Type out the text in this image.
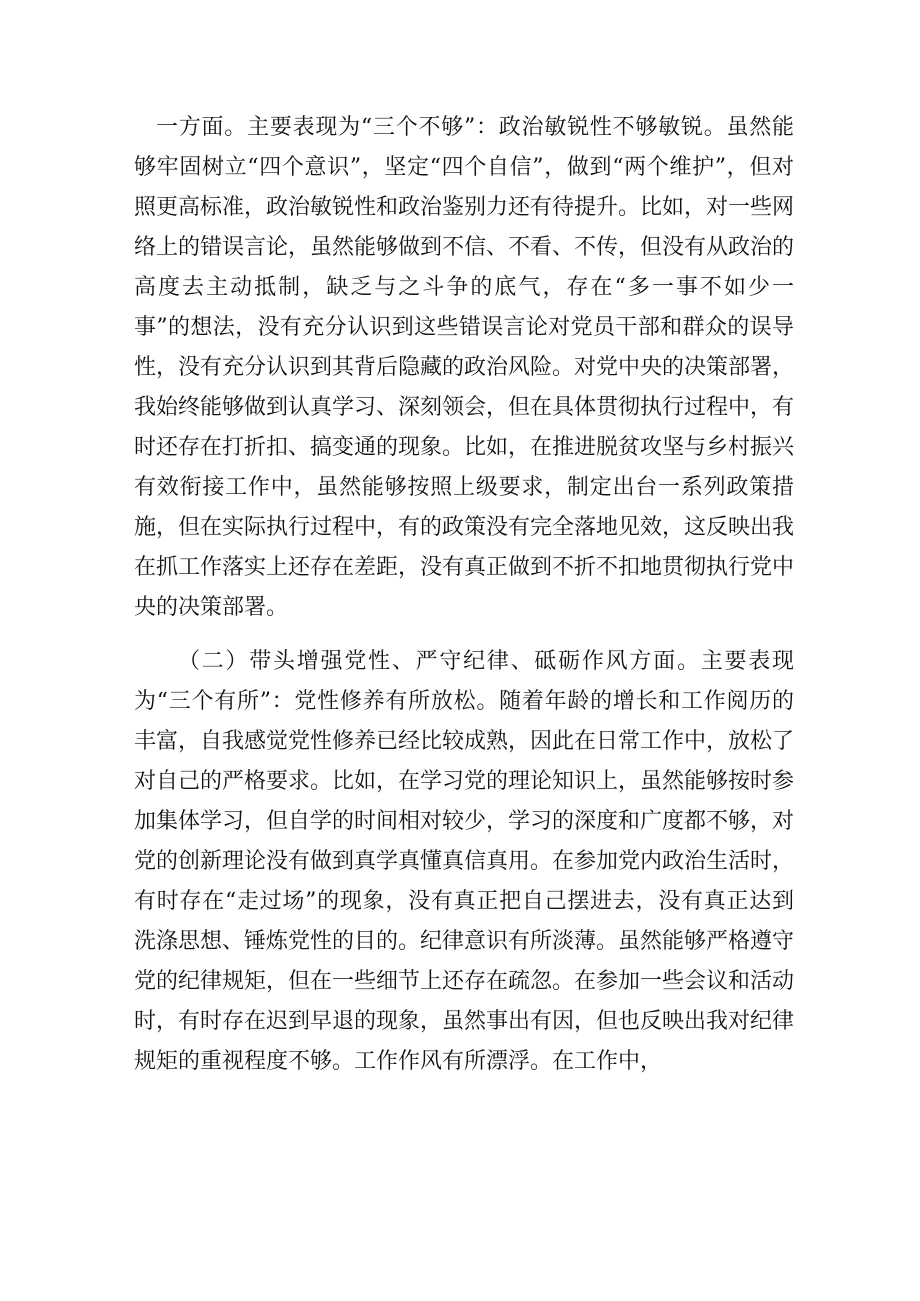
一方面。主要表现为“三个不够”：政治敏锐性不够敏锐。虽然能够牢固树立“四个意识”，坚定“四个自信”，做到“两个维护”，但对照更高标准，政治敏锐性和政治鉴别力还有待提升。比如，对一些网络上的错误言论，虽然能够做到不信、不看、不传，但没有从政治的高度去主动抵制，缺乏与之斗争的底气，存在“多一事不如少一事”的想法，没有充分认识到这些错误言论对党员干部和群众的误导性，没有充分认识到其背后隐藏的政治风险。对党中央的决策部署，我始终能够做到认真学习、深刻领会，但在具体贯彻执行过程中，有时还存在打折扣、搞变通的现象。比如，在推进脱贫攻坚与乡村振兴有效衔接工作中，虽然能够按照上级要求，制定出台一系列政策措施，但在实际执行过程中，有的政策没有完全落地见效，这反映出我在抓工作落实上还存在差距，没有真正做到不折不扣地贯彻执行党中央的决策部署。

（二）带头增强党性、严守纪律、砥砺作风方面。主要表现为“三个有所”：党性修养有所放松。随着年龄的增长和工作阅历的丰富，自我感觉党性修养已经比较成熟，因此在日常工作中，放松了对自己的严格要求。比如，在学习党的理论知识上，虽然能够按时参加集体学习，但自学的时间相对较少，学习的深度和广度都不够，对党的创新理论没有做到真学真懂真信真用。在参加党内政治生活时，有时存在“走过场”的现象，没有真正把自己摆进去，没有真正达到洗涤思想、锤炼党性的目的。纪律意识有所淡薄。虽然能够严格遵守党的纪律规矩，但在一些细节上还存在疏忽。在参加一些会议和活动时，有时存在迟到早退的现象，虽然事出有因，但也反映出我对纪律规矩的重视程度不够。工作作风有所漂浮。在工作中，
